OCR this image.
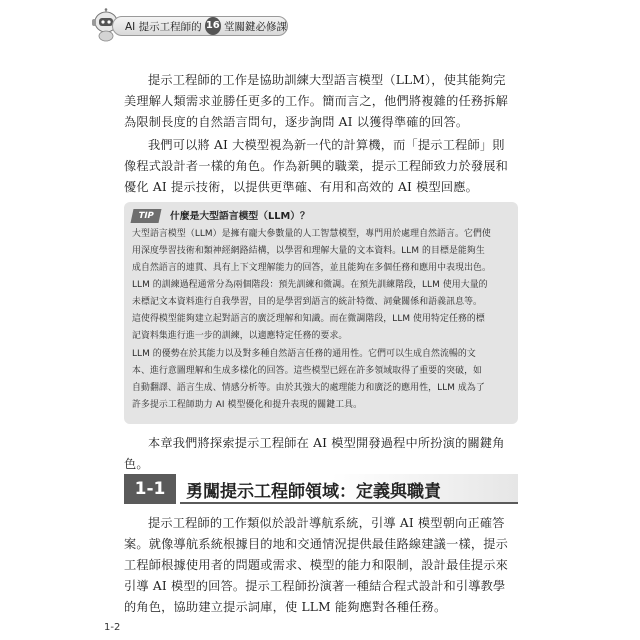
AI 提示工程師的 16 堂關鍵必修課

提示工程師的工作是協助訓練大型語言模型（LLM），使其能夠完美理解人類需求並勝任更多的工作。簡而言之，他們將複雜的任務拆解為限制長度的自然語言問句，逐步詢問 AI 以獲得準確的回答。

我們可以將 AI 大模型視為新一代的計算機，而「提示工程師」則像程式設計者一樣的角色。作為新興的職業，提示工程師致力於發展和優化 AI 提示技術，以提供更準確、有用和高效的 AI 模型回應。

TIP	什麼是大型語言模型（LLM）？
大型語言模型（LLM）是擁有龐大參數量的人工智慧模型，專門用於處理自然語言。它們使
用深度學習技術和類神經網路結構，以學習和理解大量的文本資料。LLM 的目標是能夠生
成自然語言的連貫、具有上下文理解能力的回答，並且能夠在多個任務和應用中表現出色。
LLM 的訓練過程通常分為兩個階段：預先訓練和微調。在預先訓練階段，LLM 使用大量的
未標記文本資料進行自我學習，目的是學習到語言的統計特徵、詞彙關係和語義訊息等。
這使得模型能夠建立起對語言的廣泛理解和知識。而在微調階段，LLM 使用特定任務的標
記資料集進行進一步的訓練，以適應特定任務的要求。
LLM 的優勢在於其能力以及對多種自然語言任務的通用性。它們可以生成自然流暢的文
本、進行意圖理解和生成多樣化的回答。這些模型已經在許多領域取得了重要的突破，如
自動翻譯、語言生成、情感分析等。由於其強大的處理能力和廣泛的應用性，LLM 成為了
許多提示工程師助力 AI 模型優化和提升表現的關鍵工具。

本章我們將探索提示工程師在 AI 模型開發過程中所扮演的關鍵角色。

1-1	勇闖提示工程師領域：定義與職責

提示工程師的工作類似於設計導航系統，引導 AI 模型朝向正確答案。就像導航系統根據目的地和交通情況提供最佳路線建議一樣，提示工程師根據使用者的問題或需求、模型的能力和限制，設計最佳提示來引導 AI 模型的回答。提示工程師扮演著一種結合程式設計和引導教學的角色，協助建立提示詞庫，使 LLM 能夠應對各種任務。

1-2
